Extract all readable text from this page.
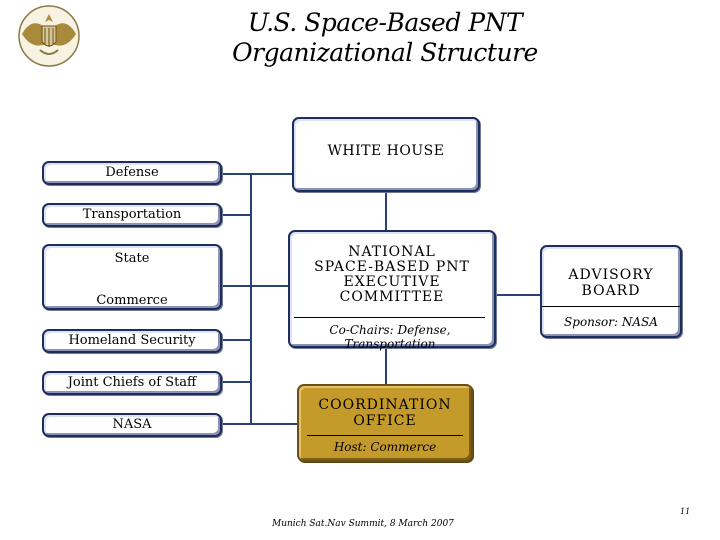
U.S. Space-Based PNT
Organizational Structure
WHITE HOUSE
Defense
Transportation
State
Commerce
Homeland Security
Joint Chiefs of Staff
NASA
NATIONAL
SPACE-BASED PNT
EXECUTIVE
COMMITTEE
Co-Chairs: Defense, Transportation
ADVISORY
BOARD
Sponsor: NASA
COORDINATION
OFFICE
Host: Commerce
11
Munich Sat.Nav Summit, 8 March 2007
